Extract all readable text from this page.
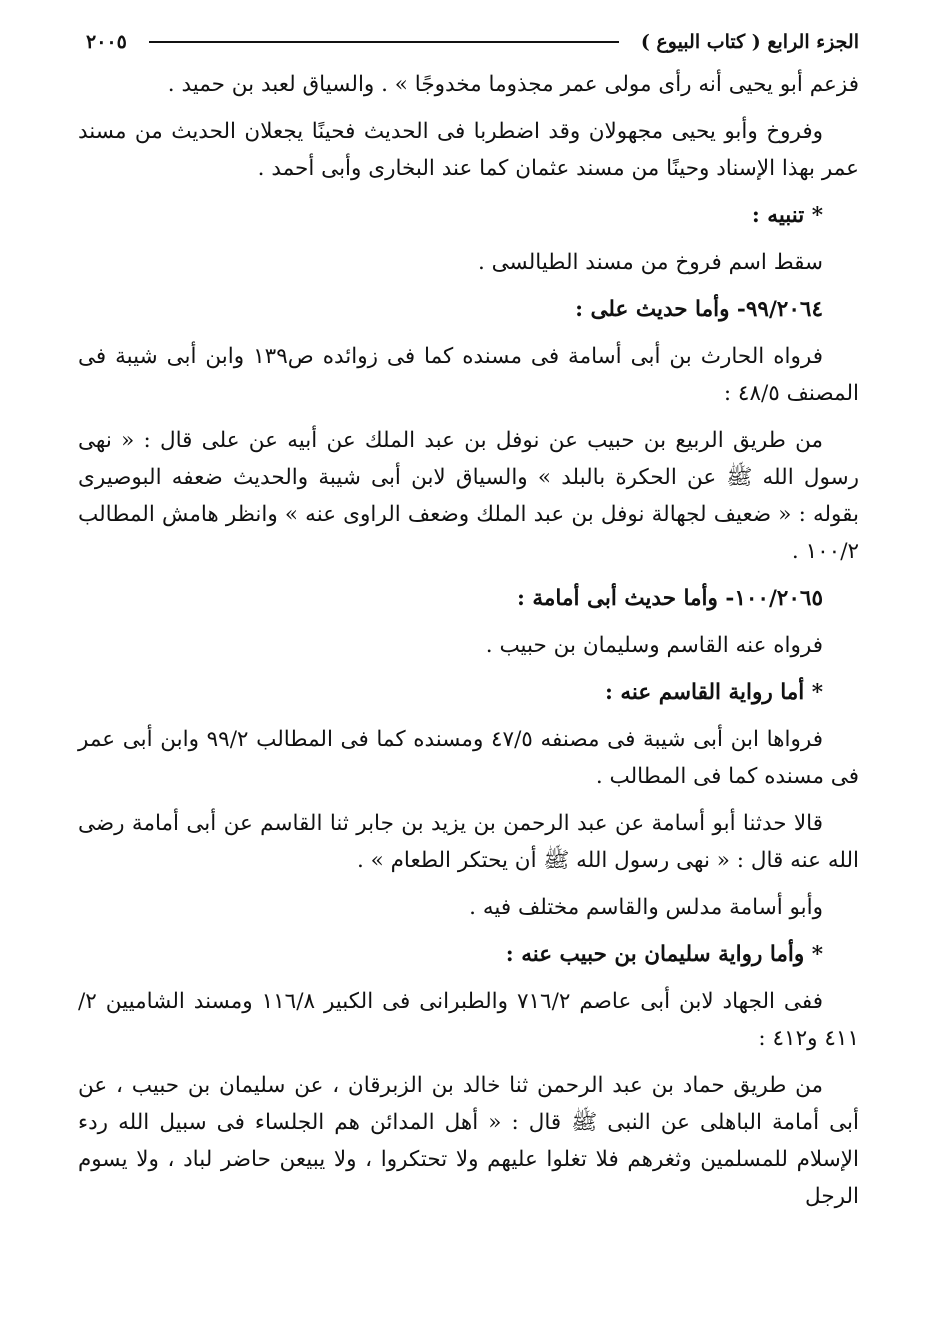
الجزء الرابع ( كتاب البيوع )
٢٠٠٥

فزعم أبو يحيى أنه رأى مولى عمر مجذوما مخدوجًا » . والسياق لعبد بن حميد .

وفروخ وأبو يحيى مجهولان وقد اضطربا فى الحديث فحينًا يجعلان الحديث من مسند عمر بهذا الإسناد وحينًا من مسند عثمان كما عند البخارى وأبى أحمد .

* تنبيه :

سقط اسم فروخ من مسند الطيالسى .

٩٩/٢٠٦٤- وأما حديث على :

فرواه الحارث بن أبى أسامة فى مسنده كما فى زوائده ص١٣٩ وابن أبى شيبة فى المصنف ٤٨/٥ :

من طريق الربيع بن حبيب عن نوفل بن عبد الملك عن أبيه عن على قال : « نهى رسول الله ﷺ عن الحكرة بالبلد » والسياق لابن أبى شيبة والحديث ضعفه البوصيرى بقوله : « ضعيف لجهالة نوفل بن عبد الملك وضعف الراوى عنه » وانظر هامش المطالب ١٠٠/٢ .

١٠٠/٢٠٦٥- وأما حديث أبى أمامة :

فرواه عنه القاسم وسليمان بن حبيب .

* أما رواية القاسم عنه :

فرواها ابن أبى شيبة فى مصنفه ٤٧/٥ ومسنده كما فى المطالب ٩٩/٢ وابن أبى عمر فى مسنده كما فى المطالب .

قالا حدثنا أبو أسامة عن عبد الرحمن بن يزيد بن جابر ثنا القاسم عن أبى أمامة رضى الله عنه قال : « نهى رسول الله ﷺ أن يحتكر الطعام » .

وأبو أسامة مدلس والقاسم مختلف فيه .

* وأما رواية سليمان بن حبيب عنه :

ففى الجهاد لابن أبى عاصم ٧١٦/٢ والطبرانى فى الكبير ١١٦/٨ ومسند الشاميين ٢/ ٤١١ و٤١٢ :

من طريق حماد بن عبد الرحمن ثنا خالد بن الزبرقان ، عن سليمان بن حبيب ، عن أبى أمامة الباهلى عن النبى ﷺ قال : « أهل المدائن هم الجلساء فى سبيل الله ردء الإسلام للمسلمين وثغرهم فلا تغلوا عليهم ولا تحتكروا ، ولا يبيعن حاضر لباد ، ولا يسوم الرجل
